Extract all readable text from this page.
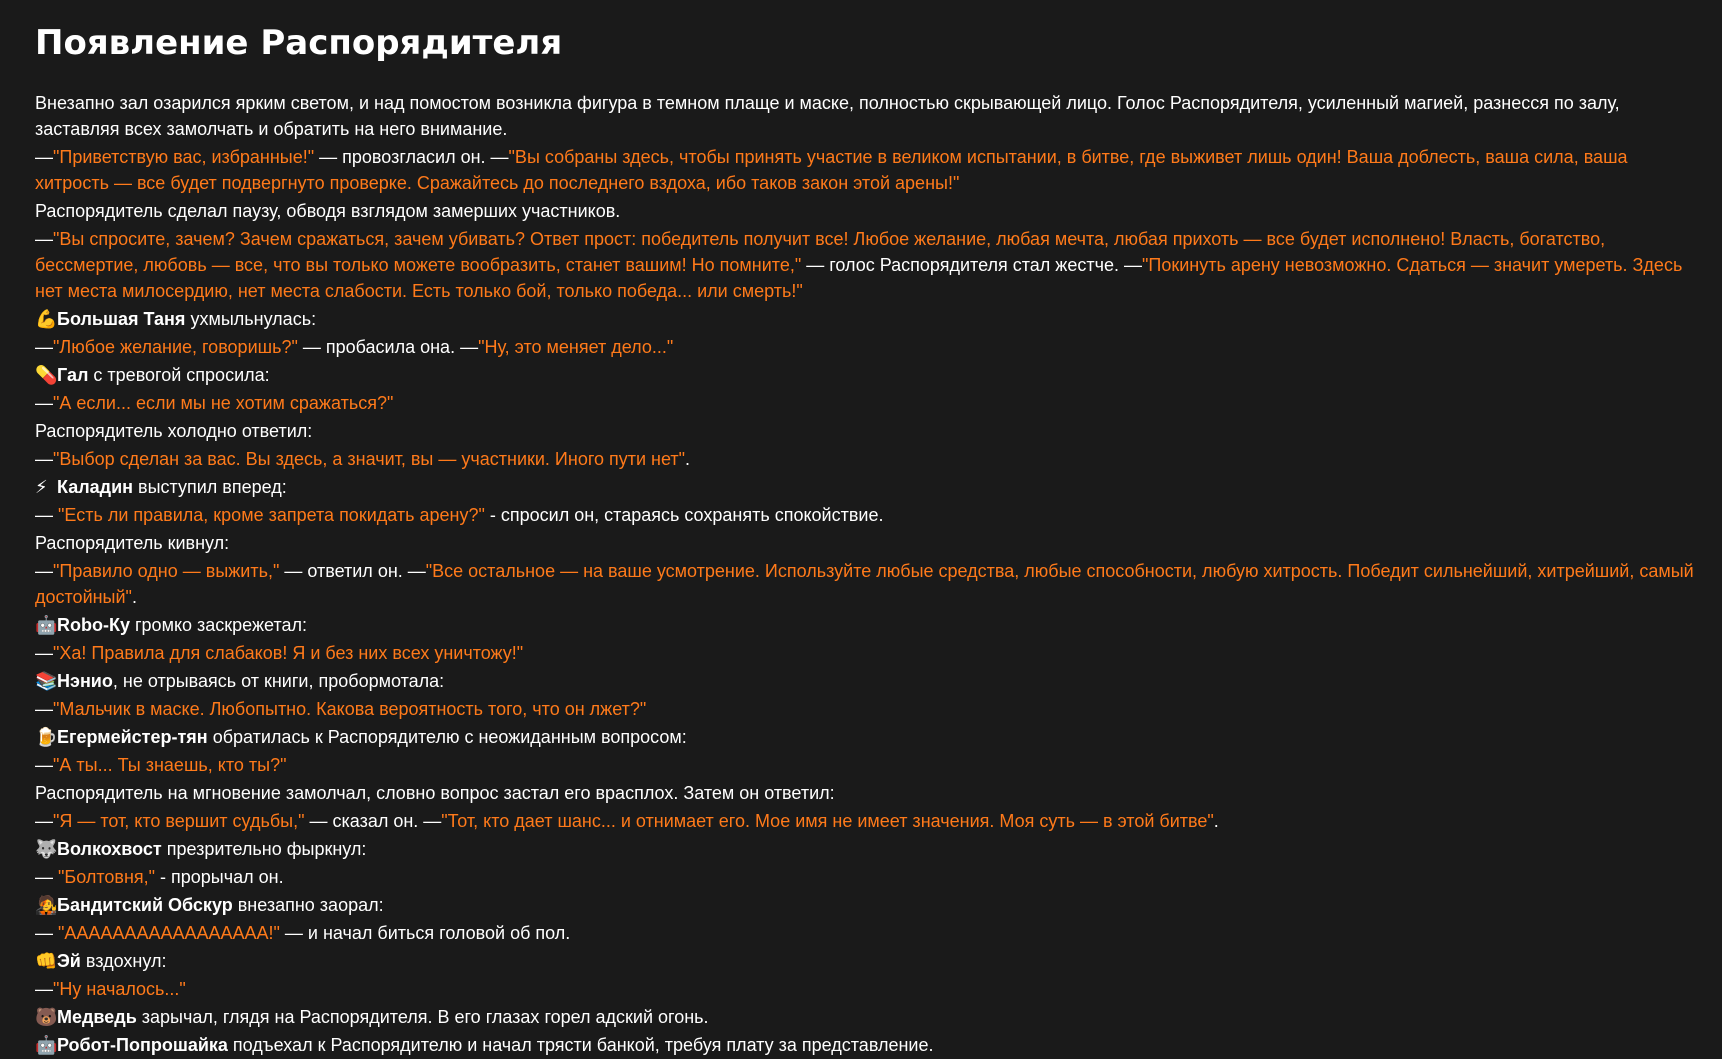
Появление Распорядителя

Внезапно зал озарился ярким светом, и над помостом возникла фигура в темном плаще и маске, полностью скрывающей лицо. Голос Распорядителя, усиленный магией, разнесся по залу, заставляя всех замолчать и обратить на него внимание.

—"Приветствую вас, избранные!" — провозгласил он. —"Вы собраны здесь, чтобы принять участие в великом испытании, в битве, где выживет лишь один! Ваша доблесть, ваша сила, ваша хитрость — все будет подвергнуто проверке. Сражайтесь до последнего вздоха, ибо таков закон этой арены!"

Распорядитель сделал паузу, обводя взглядом замерших участников.

—"Вы спросите, зачем? Зачем сражаться, зачем убивать? Ответ прост: победитель получит все! Любое желание, любая мечта, любая прихоть — все будет исполнено! Власть, богатство, бессмертие, любовь — все, что вы только можете вообразить, станет вашим! Но помните," — голос Распорядителя стал жестче. —"Покинуть арену невозможно. Сдаться — значит умереть. Здесь нет места милосердию, нет места слабости. Есть только бой, только победа... или смерть!"

💪Большая Таня ухмыльнулась:

—"Любое желание, говоришь?" — пробасила она. —"Ну, это меняет дело..."

💊Гал с тревогой спросила:

—"А если... если мы не хотим сражаться?"

Распорядитель холодно ответил:

—"Выбор сделан за вас. Вы здесь, а значит, вы — участники. Иного пути нет".

⚡ Каладин выступил вперед:

— "Есть ли правила, кроме запрета покидать арену?" - спросил он, стараясь сохранять спокойствие.

Распорядитель кивнул:

—"Правило одно — выжить," — ответил он. —"Все остальное — на ваше усмотрение. Используйте любые средства, любые способности, любую хитрость. Победит сильнейший, хитрейший, самый достойный".

🤖Robo-Ку громко заскрежетал:

—"Ха! Правила для слабаков! Я и без них всех уничтожу!"

📚Нэнио, не отрываясь от книги, пробормотала:

—"Мальчик в маске. Любопытно. Какова вероятность того, что он лжет?"

🍺Егермейстер-тян обратилась к Распорядителю с неожиданным вопросом:

—"А ты... Ты знаешь, кто ты?"

Распорядитель на мгновение замолчал, словно вопрос застал его врасплох. Затем он ответил:

—"Я — тот, кто вершит судьбы," — сказал он. —"Тот, кто дает шанс... и отнимает его. Мое имя не имеет значения. Моя суть — в этой битве".

🐺Волкохвост презрительно фыркнул:

— "Болтовня," - прорычал он.

🧑‍🎤Бандитский Обскур внезапно заорал:

— "ААААААААААААААААА!" — и начал биться головой об пол.

👊Эй вздохнул:

—"Ну началось..."

🐻Медведь зарычал, глядя на Распорядителя. В его глазах горел адский огонь.

🤖Робот-Попрошайка подъехал к Распорядителю и начал трясти банкой, требуя плату за представление.
